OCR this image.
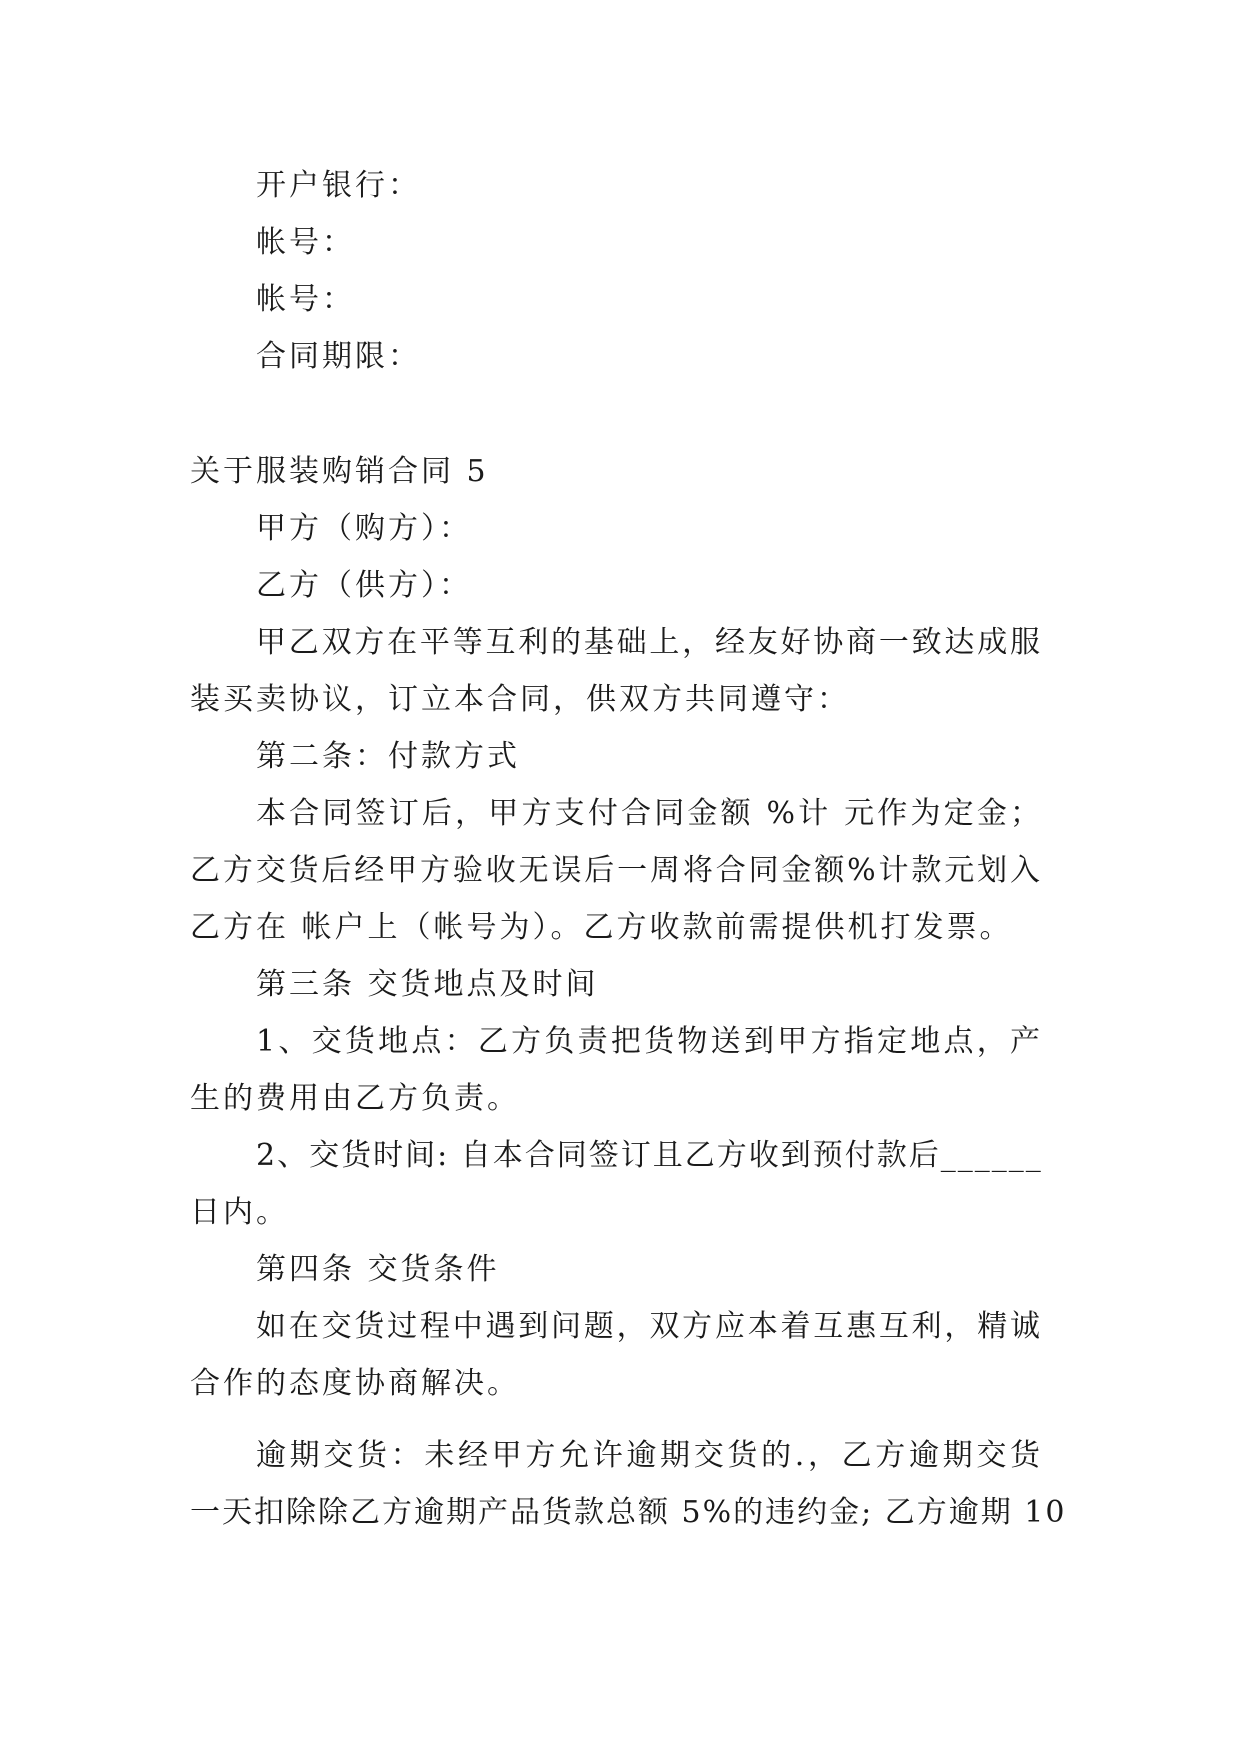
开户银行：
帐号：
帐号：
合同期限：
关于服装购销合同 5
甲方（购方）：
乙方（供方）：
甲乙双方在平等互利的基础上，经友好协商一致达成服
装买卖协议，订立本合同，供双方共同遵守：
第二条：付款方式
本合同签订后，甲方支付合同金额 %计 元作为定金；
乙方交货后经甲方验收无误后一周将合同金额%计款元划入
乙方在 帐户上（帐号为）。乙方收款前需提供机打发票。
第三条 交货地点及时间
1、交货地点：乙方负责把货物送到甲方指定地点，产
生的费用由乙方负责。
2、交货时间: 自本合同签订且乙方收到预付款后______
日内。
第四条 交货条件
如在交货过程中遇到问题，双方应本着互惠互利，精诚
合作的态度协商解决。
逾期交货：未经甲方允许逾期交货的.，乙方逾期交货
一天扣除除乙方逾期产品货款总额 5%的违约金; 乙方逾期 10
